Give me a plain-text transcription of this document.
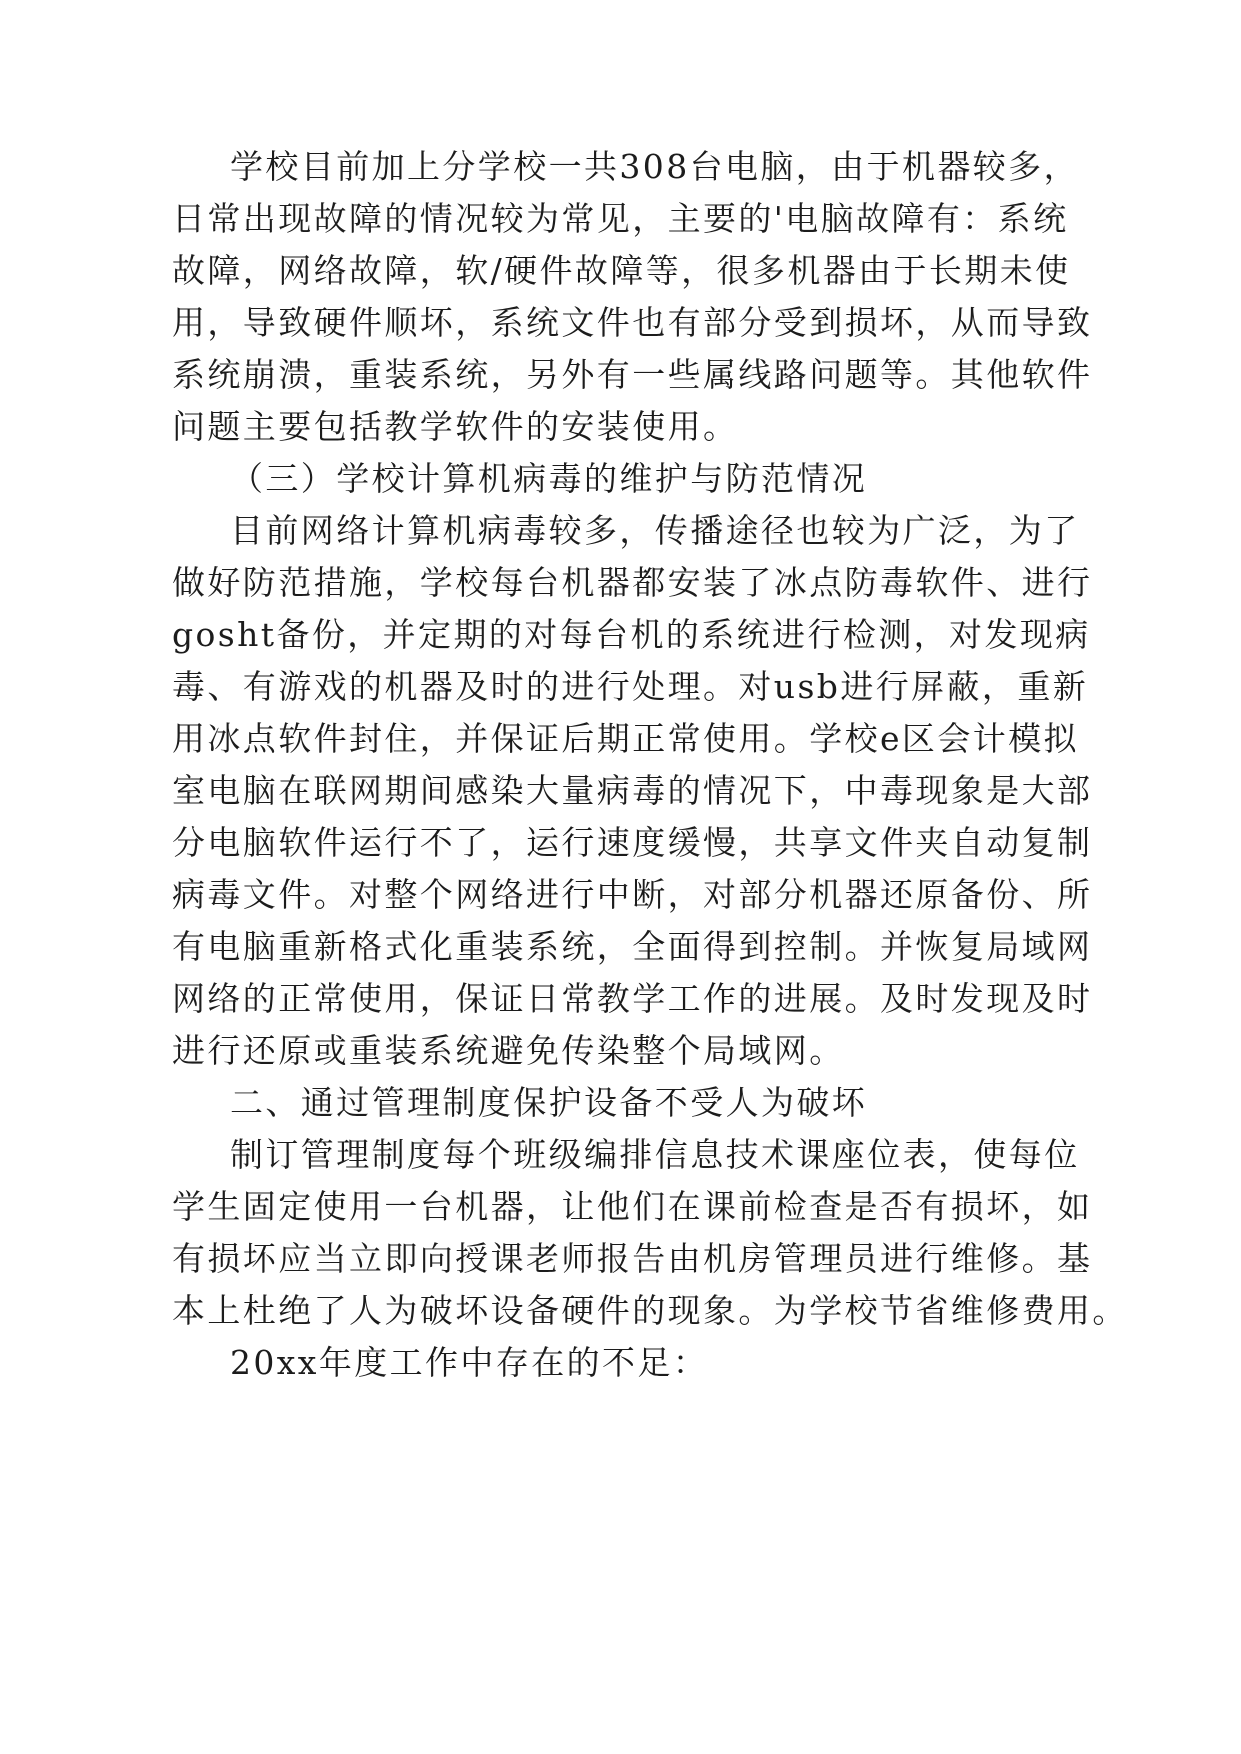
学校目前加上分学校一共308台电脑，由于机器较多，
日常出现故障的情况较为常见，主要的'电脑故障有：系统
故障，网络故障，软/硬件故障等，很多机器由于长期未使
用，导致硬件顺坏，系统文件也有部分受到损坏，从而导致
系统崩溃，重装系统，另外有一些属线路问题等。其他软件
问题主要包括教学软件的安装使用。
（三）学校计算机病毒的维护与防范情况
目前网络计算机病毒较多，传播途径也较为广泛，为了
做好防范措施，学校每台机器都安装了冰点防毒软件、进行
gosht备份，并定期的对每台机的系统进行检测，对发现病
毒、有游戏的机器及时的进行处理。对usb进行屏蔽，重新
用冰点软件封住，并保证后期正常使用。学校e区会计模拟
室电脑在联网期间感染大量病毒的情况下，中毒现象是大部
分电脑软件运行不了，运行速度缓慢，共享文件夹自动复制
病毒文件。对整个网络进行中断，对部分机器还原备份、所
有电脑重新格式化重装系统，全面得到控制。并恢复局域网
网络的正常使用，保证日常教学工作的进展。及时发现及时
进行还原或重装系统避免传染整个局域网。
二、通过管理制度保护设备不受人为破坏
制订管理制度每个班级编排信息技术课座位表，使每位
学生固定使用一台机器，让他们在课前检查是否有损坏，如
有损坏应当立即向授课老师报告由机房管理员进行维修。基
本上杜绝了人为破坏设备硬件的现象。为学校节省维修费用。
20xx年度工作中存在的不足：
